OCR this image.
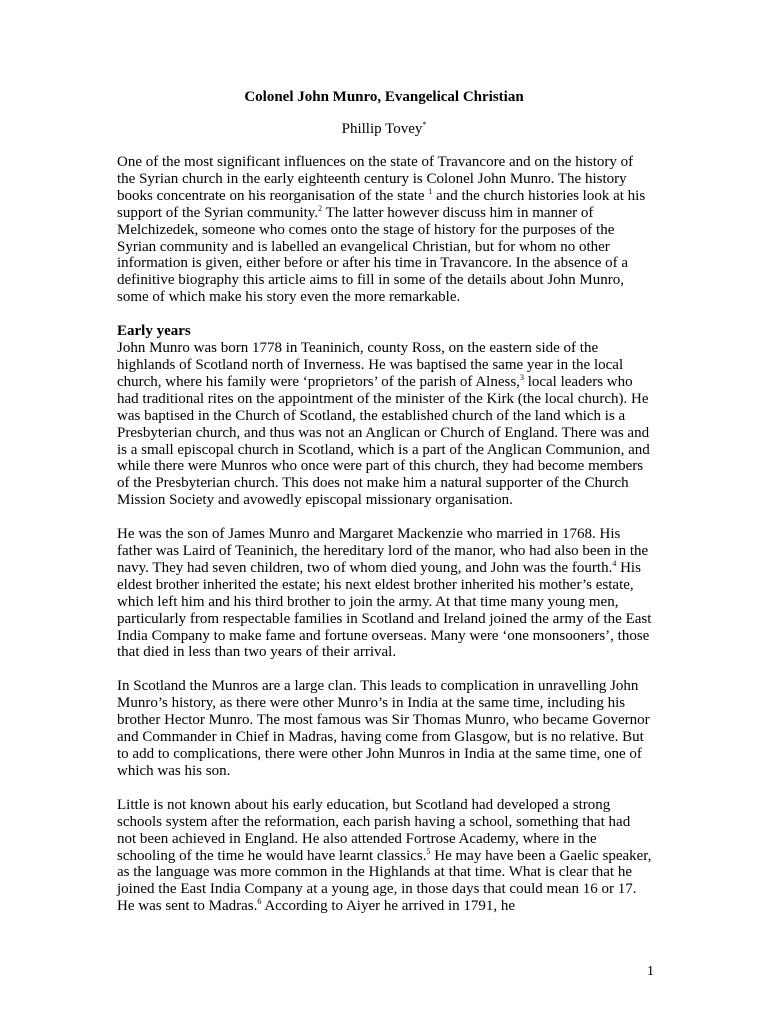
Colonel John Munro, Evangelical Christian
Phillip Tovey*

One of the most significant influences on the state of Travancore and on the history of the Syrian church in the early eighteenth century is Colonel John Munro. The history books concentrate on his reorganisation of the state $^1$ and the church histories look at his support of the Syrian community.$^2$ The latter however discuss him in manner of Melchizedek, someone who comes onto the stage of history for the purposes of the Syrian community and is labelled an evangelical Christian, but for whom no other information is given, either before or after his time in Travancore. In the absence of a definitive biography this article aims to fill in some of the details about John Munro, some of which make his story even the more remarkable.

Early years
John Munro was born 1778 in Teaninich, county Ross, on the eastern side of the highlands of Scotland north of Inverness. He was baptised the same year in the local church, where his family were ‘proprietors’ of the parish of Alness,$^3$ local leaders who had traditional rites on the appointment of the minister of the Kirk (the local church). He was baptised in the Church of Scotland, the established church of the land which is a Presbyterian church, and thus was not an Anglican or Church of England. There was and is a small episcopal church in Scotland, which is a part of the Anglican Communion, and while there were Munros who once were part of this church, they had become members of the Presbyterian church. This does not make him a natural supporter of the Church Mission Society and avowedly episcopal missionary organisation.

He was the son of James Munro and Margaret Mackenzie who married in 1768. His father was Laird of Teaninich, the hereditary lord of the manor, who had also been in the navy. They had seven children, two of whom died young, and John was the fourth.$^4$ His eldest brother inherited the estate; his next eldest brother inherited his mother’s estate, which left him and his third brother to join the army. At that time many young men, particularly from respectable families in Scotland and Ireland joined the army of the East India Company to make fame and fortune overseas. Many were ‘one monsooners’, those that died in less than two years of their arrival.

In Scotland the Munros are a large clan. This leads to complication in unravelling John Munro’s history, as there were other Munro’s in India at the same time, including his brother Hector Munro. The most famous was Sir Thomas Munro, who became Governor and Commander in Chief in Madras, having come from Glasgow, but is no relative. But to add to complications, there were other John Munros in India at the same time, one of which was his son.

Little is not known about his early education, but Scotland had developed a strong schools system after the reformation, each parish having a school, something that had not been achieved in England. He also attended Fortrose Academy, where in the schooling of the time he would have learnt classics.$^5$ He may have been a Gaelic speaker, as the language was more common in the Highlands at that time. What is clear that he joined the East India Company at a young age, in those days that could mean 16 or 17. He was sent to Madras.$^6$ According to Aiyer he arrived in 1791, he

1
